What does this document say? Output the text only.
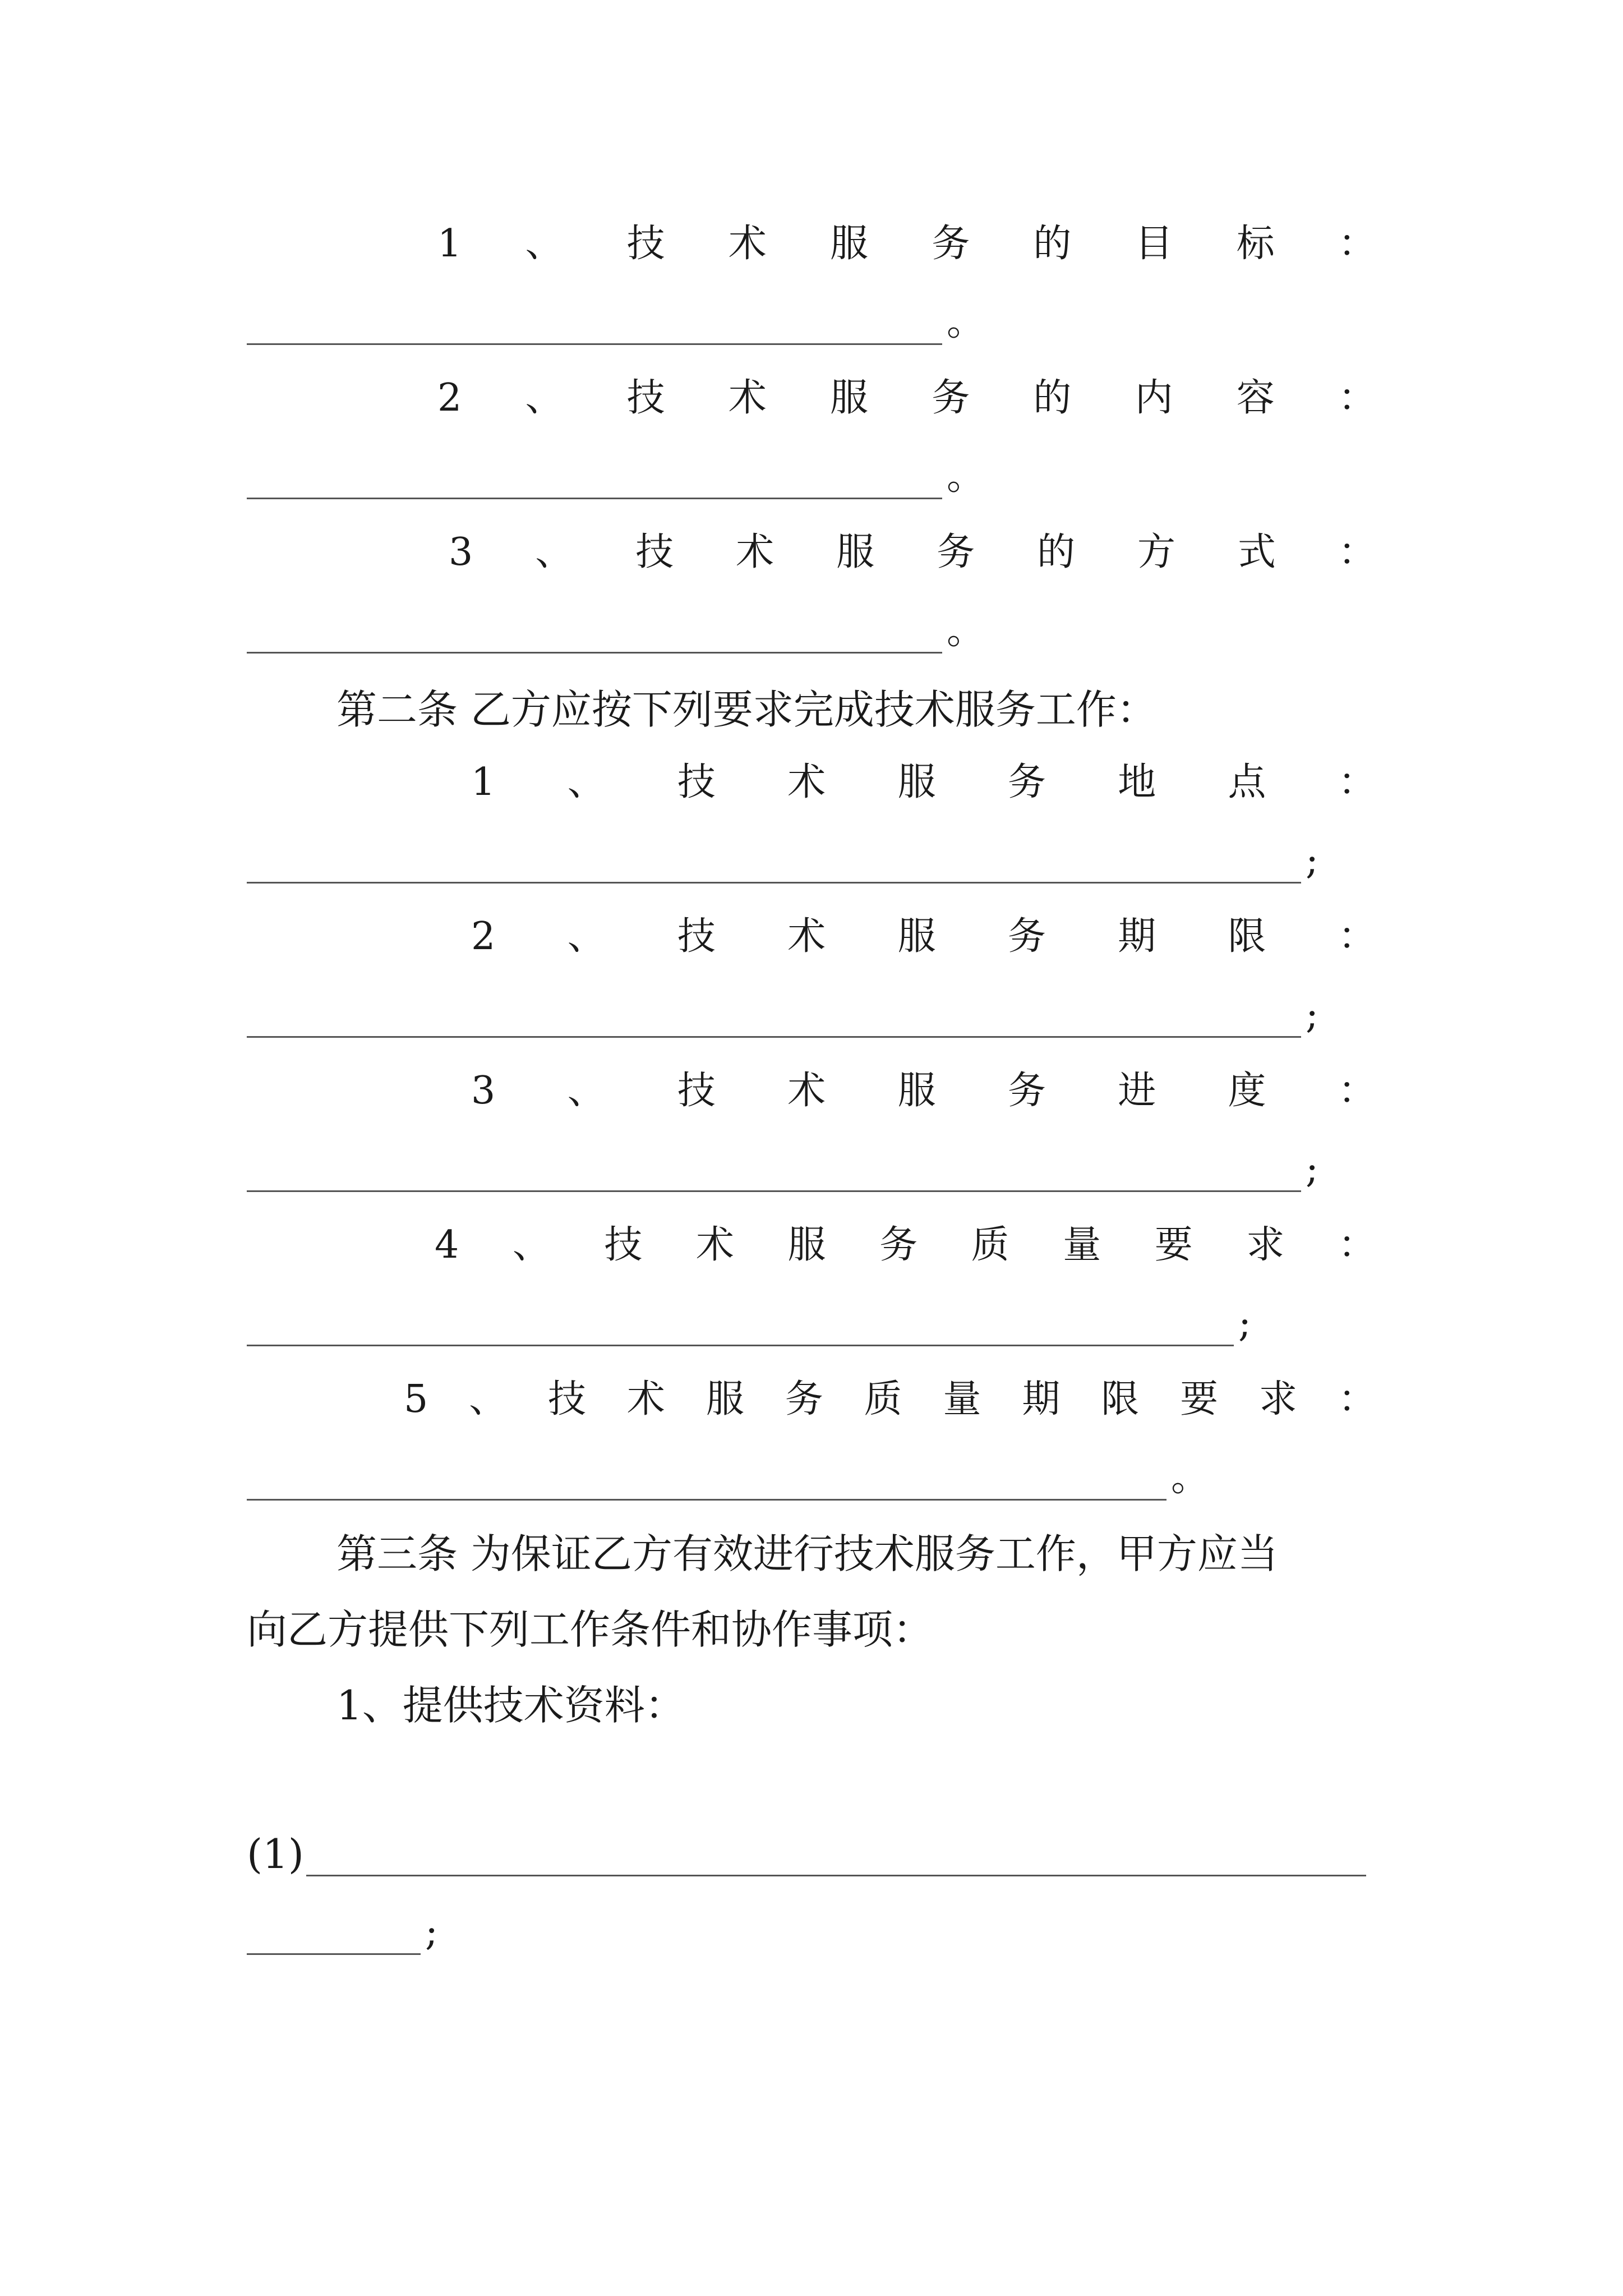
1 、 技 术 服 务 的 目 标 ：
。
2 、 技 术 服 务 的 内 容 ：
。
3 、 技 术 服 务 的 方 式 ：
。
第二条 乙方应按下列要求完成技术服务工作：
1 、 技 术 服 务 地 点 ：
;
2 、 技 术 服 务 期 限 ：
;
3 、 技 术 服 务 进 度 ：
;
4 、 技 术 服 务 质 量 要 求 ：
;
5 、 技 术 服 务 质 量 期 限 要 求 ：
。
第三条 为保证乙方有效进行技术服务工作，甲方应当
向乙方提供下列工作条件和协作事项：
1、提供技术资料：
(1)
;
